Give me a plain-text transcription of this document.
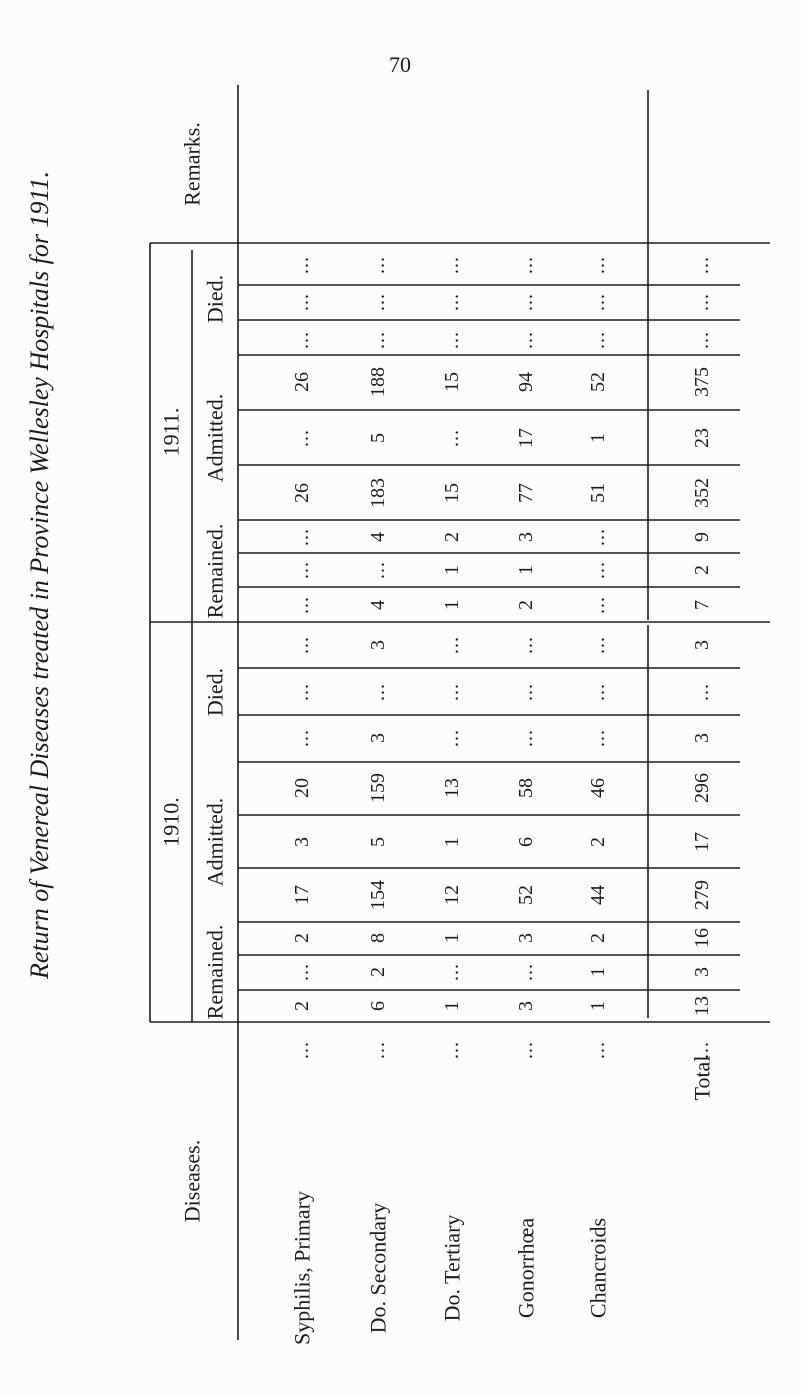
70
Return of Venereal Diseases treated in Province Wellesley Hospitals for 1911.
Remarks.
Diseases.
1911.
1910.
Died.
Admitted.
Remained.
Died.
Admitted.
Remained.
Syphilis, Primary
...
...
...
...
26
...
26
...
...
...
...
...
...
20
3
17
2
...
2
Do. Secondary
...
...
...
...
188
5
183
4
...
4
3
...
3
159
5
154
8
2
6
Do. Tertiary
...
...
...
...
15
...
15
2
1
1
...
...
...
13
1
12
1
...
1
Gonorrhœa
...
...
...
...
94
17
77
3
1
2
...
...
...
58
6
52
3
...
3
Chancroids
...
...
...
...
52
1
51
...
...
...
...
...
...
46
2
44
2
1
1
Total
...
...
...
...
375
23
352
9
2
7
3
...
3
296
17
279
16
3
13
